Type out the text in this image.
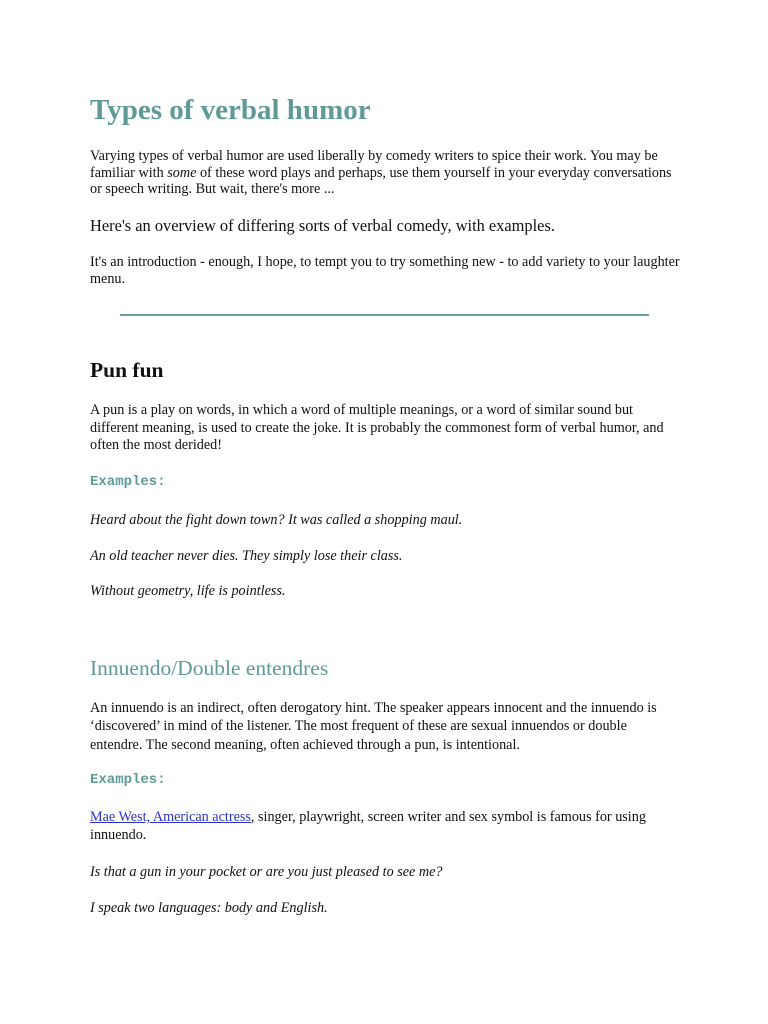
Types of verbal humor

Varying types of verbal humor are used liberally by comedy writers to spice their work. You may be familiar with some of these word plays and perhaps, use them yourself in your everyday conversations or speech writing. But wait, there's more ...

Here's an overview of differing sorts of verbal comedy, with examples.

It's an introduction - enough, I hope, to tempt you to try something new - to add variety to your laughter menu.

Pun fun

A pun is a play on words, in which a word of multiple meanings, or a word of similar sound but different meaning, is used to create the joke. It is probably the commonest form of verbal humor, and often the most derided!

Examples:

Heard about the fight down town? It was called a shopping maul.

An old teacher never dies. They simply lose their class.

Without geometry, life is pointless.

Innuendo/Double entendres

An innuendo is an indirect, often derogatory hint. The speaker appears innocent and the innuendo is ‘discovered’ in mind of the listener. The most frequent of these are sexual innuendos or double entendre. The second meaning, often achieved through a pun, is intentional.

Examples:

Mae West, American actress, singer, playwright, screen writer and sex symbol is famous for using innuendo.

Is that a gun in your pocket or are you just pleased to see me?

I speak two languages: body and English.
